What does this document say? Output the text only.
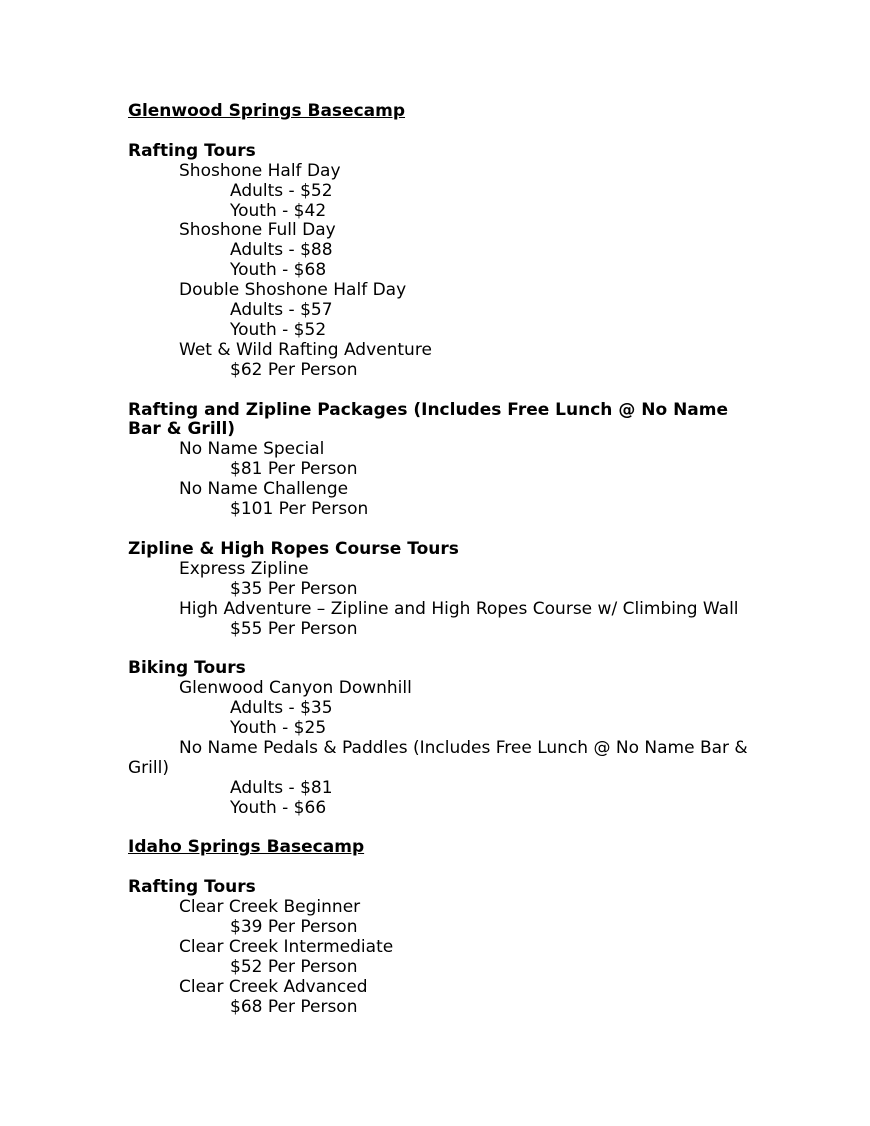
Glenwood Springs Basecamp
Rafting Tours
Shoshone Half Day
Adults - $52
Youth - $42
Shoshone Full Day
Adults - $88
Youth - $68
Double Shoshone Half Day
Adults - $57
Youth - $52
Wet & Wild Rafting Adventure
$62 Per Person
Rafting and Zipline Packages (Includes Free Lunch @ No Name Bar & Grill)
No Name Special
$81 Per Person
No Name Challenge
$101 Per Person
Zipline & High Ropes Course Tours
Express Zipline
$35 Per Person
High Adventure – Zipline and High Ropes Course w/ Climbing Wall
$55 Per Person
Biking Tours
Glenwood Canyon Downhill
Adults - $35
Youth - $25
No Name Pedals & Paddles (Includes Free Lunch @ No Name Bar & Grill)
Adults - $81
Youth - $66
Idaho Springs Basecamp
Rafting Tours
Clear Creek Beginner
$39 Per Person
Clear Creek Intermediate
$52 Per Person
Clear Creek Advanced
$68 Per Person
